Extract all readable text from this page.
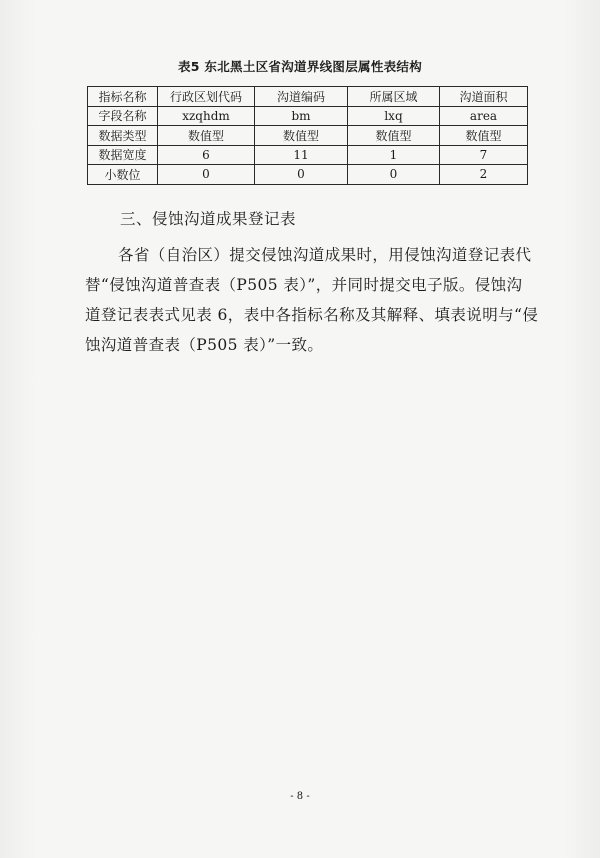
表5 东北黑土区省沟道界线图层属性表结构
指标名称	行政区划代码	沟道编码	所属区域	沟道面积
字段名称	xzqhdm	bm	lxq	area
数据类型	数值型	数值型	数值型	数值型
数据宽度	6	11	1	7
小数位	0	0	0	2
三、侵蚀沟道成果登记表
各省（自治区）提交侵蚀沟道成果时，用侵蚀沟道登记表代
替“侵蚀沟道普查表（P505 表）”，并同时提交电子版。侵蚀沟
道登记表表式见表 6，表中各指标名称及其解释、填表说明与“侵
蚀沟道普查表（P505 表）”一致。
- 8 -
